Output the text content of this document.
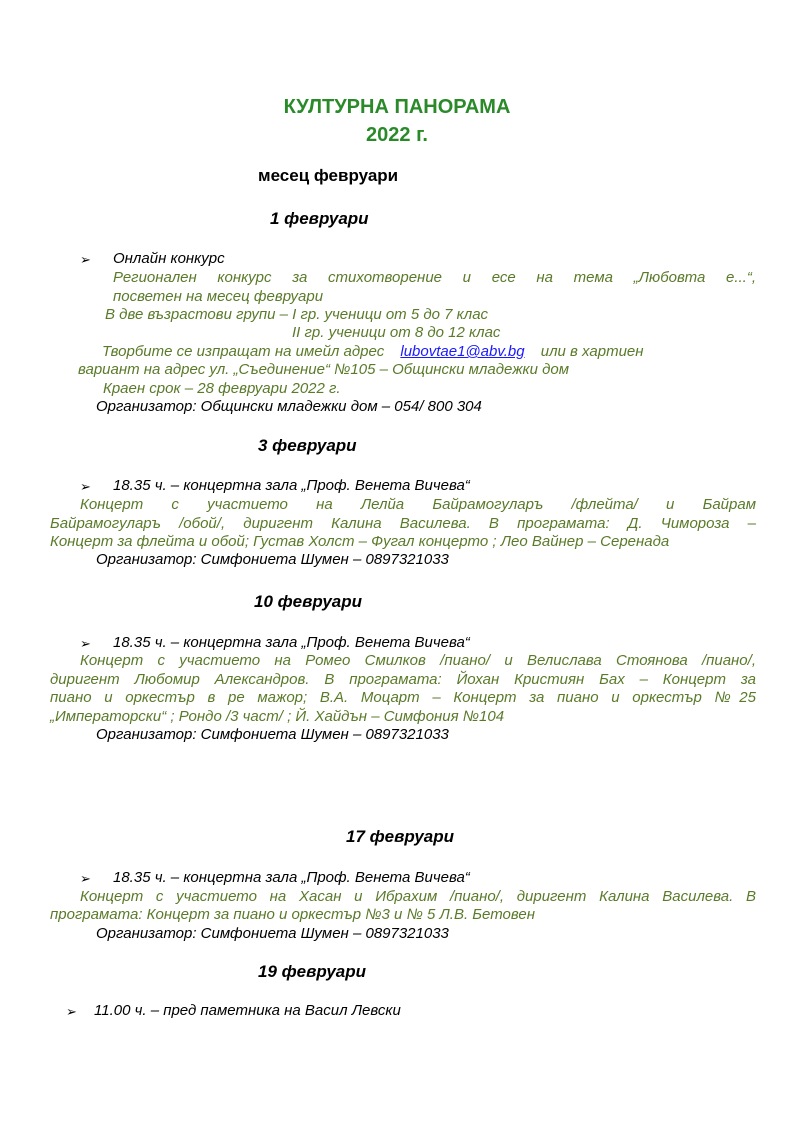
КУЛТУРНА ПАНОРАМА
2022 г.
месец февруари
1 февруари
➢ Онлайн конкурс
Регионален конкурс за стихотворение и есе на тема „Любовта е...“,
посветен на месец февруари
В две възрастови групи – I гр. ученици от 5 до 7 клас
II гр. ученици от 8 до 12 клас
Творбите се изпращат на имейл адрес lubovtae1@abv.bg или в хартиен
вариант на адрес ул. „Съединение“ №105 – Общински младежки дом
Краен срок – 28 февруари 2022 г.
Организатор: Общински младежки дом – 054/ 800 304
3 февруари
➢ 18.35 ч. – концертна зала „Проф. Венета Вичева“
Концерт с участието на Лелйа Байрамогуларъ /флейта/ и Байрам
Байрамогуларъ /обой/, диригент Калина Василева. В програмата: Д. Чимороза –
Концерт за флейта и обой; Густав Холст – Фугал концерто ; Лео Вайнер – Серенада
Организатор: Симфониета Шумен – 0897321033
10 февруари
➢ 18.35 ч. – концертна зала „Проф. Венета Вичева“
Концерт с участието на Ромео Смилков /пиано/ и Велислава Стоянова /пиано/,
диригент Любомир Александров. В програмата: Йохан Кристиян Бах – Концерт за
пиано и оркестър в ре мажор; В.А. Моцарт – Концерт за пиано и оркестър №25
„Императорски“ ; Рондо /3 част/ ; Й. Хайдън – Симфония №104
Организатор: Симфониета Шумен – 0897321033
17 февруари
➢ 18.35 ч. – концертна зала „Проф. Венета Вичева“
Концерт с участието на Хасан и Ибрахим /пиано/, диригент Калина Василева. В
програмата: Концерт за пиано и оркестър №3 и № 5 Л.В. Бетовен
Организатор: Симфониета Шумен – 0897321033
19 февруари
➢ 11.00 ч. – пред паметника на Васил Левски
